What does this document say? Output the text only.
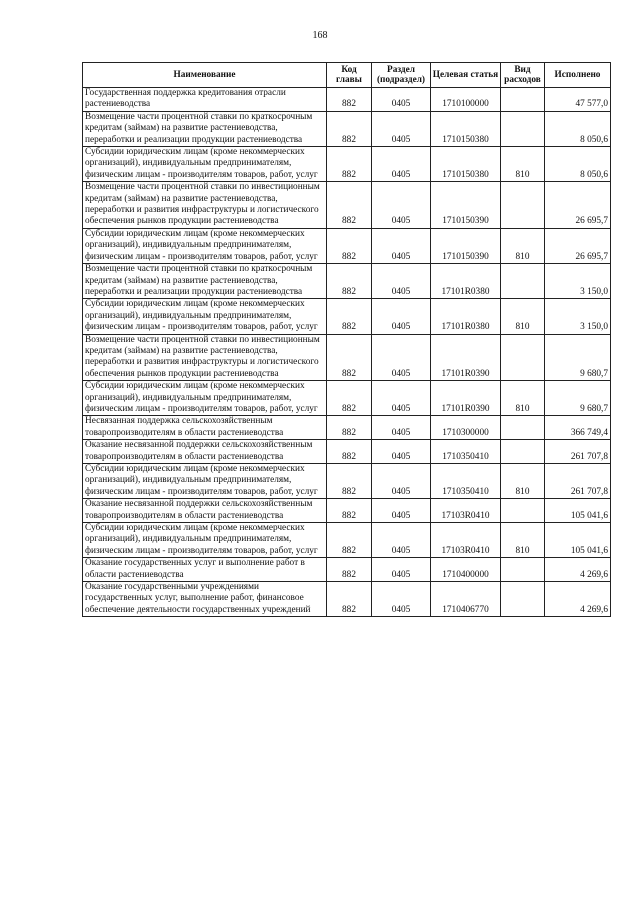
168
Наименование	Код главы	Раздел (подраздел)	Целевая статья	Вид расходов	Исполнено
Государственная поддержка кредитования отрасли растениеводства	882	0405	1710100000		47 577,0
Возмещение части процентной ставки по краткосрочным кредитам (займам) на развитие растениеводства, переработки и реализации продукции растениеводства	882	0405	1710150380		8 050,6
Субсидии юридическим лицам (кроме некоммерческих организаций), индивидуальным предпринимателям, физическим лицам - производителям товаров, работ, услуг	882	0405	1710150380	810	8 050,6
Возмещение части процентной ставки по инвестиционным кредитам (займам) на развитие растениеводства, переработки и развития инфраструктуры и логистического обеспечения рынков продукции растениеводства	882	0405	1710150390		26 695,7
Субсидии юридическим лицам (кроме некоммерческих организаций), индивидуальным предпринимателям, физическим лицам - производителям товаров, работ, услуг	882	0405	1710150390	810	26 695,7
Возмещение части процентной ставки по краткосрочным кредитам (займам) на развитие растениеводства, переработки и реализации продукции растениеводства	882	0405	17101R0380		3 150,0
Субсидии юридическим лицам (кроме некоммерческих организаций), индивидуальным предпринимателям, физическим лицам - производителям товаров, работ, услуг	882	0405	17101R0380	810	3 150,0
Возмещение части процентной ставки по инвестиционным кредитам (займам) на развитие растениеводства, переработки и развития инфраструктуры и логистического обеспечения рынков продукции растениеводства	882	0405	17101R0390		9 680,7
Субсидии юридическим лицам (кроме некоммерческих организаций), индивидуальным предпринимателям, физическим лицам - производителям товаров, работ, услуг	882	0405	17101R0390	810	9 680,7
Несвязанная поддержка сельскохозяйственным товаропроизводителям в области растениеводства	882	0405	1710300000		366 749,4
Оказание несвязанной поддержки сельскохозяйственным товаропроизводителям в области растениеводства	882	0405	1710350410		261 707,8
Субсидии юридическим лицам (кроме некоммерческих организаций), индивидуальным предпринимателям, физическим лицам - производителям товаров, работ, услуг	882	0405	1710350410	810	261 707,8
Оказание несвязанной поддержки сельскохозяйственным товаропроизводителям в области растениеводства	882	0405	17103R0410		105 041,6
Субсидии юридическим лицам (кроме некоммерческих организаций), индивидуальным предпринимателям, физическим лицам - производителям товаров, работ, услуг	882	0405	17103R0410	810	105 041,6
Оказание государственных услуг и выполнение работ в области растениеводства	882	0405	1710400000		4 269,6
Оказание государственными учреждениями государственных услуг, выполнение работ, финансовое обеспечение деятельности государственных учреждений	882	0405	1710406770		4 269,6
